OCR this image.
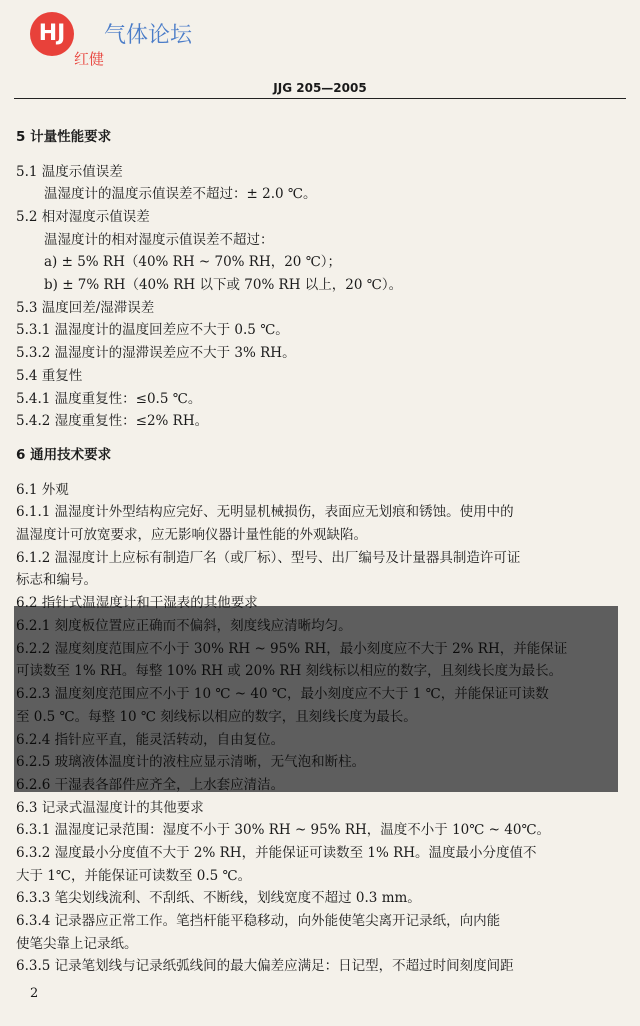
HJ
红健
气体论坛
JJG 205—2005
5 计量性能要求
5.1 温度示值误差
温湿度计的温度示值误差不超过：± 2.0 ℃。
5.2 相对湿度示值误差
温湿度计的相对湿度示值误差不超过：
a) ± 5% RH（40% RH ~ 70% RH，20 ℃）；
b) ± 7% RH（40% RH 以下或 70% RH 以上，20 ℃）。
5.3 温度回差/湿滞误差
5.3.1 温湿度计的温度回差应不大于 0.5 ℃。
5.3.2 温湿度计的湿滞误差应不大于 3% RH。
5.4 重复性
5.4.1 温度重复性：≤0.5 ℃。
5.4.2 湿度重复性：≤2% RH。
6 通用技术要求
6.1 外观
6.1.1 温湿度计外型结构应完好、无明显机械损伤，表面应无划痕和锈蚀。使用中的
温湿度计可放宽要求，应无影响仪器计量性能的外观缺陷。
6.1.2 温湿度计上应标有制造厂名（或厂标）、型号、出厂编号及计量器具制造许可证
标志和编号。
6.2 指针式温湿度计和干湿表的其他要求
6.2.1 刻度板位置应正确而不偏斜，刻度线应清晰均匀。
6.2.2 湿度刻度范围应不小于 30% RH ~ 95% RH，最小刻度应不大于 2% RH，并能保证
可读数至 1% RH。每整 10% RH 或 20% RH 刻线标以相应的数字，且刻线长度为最长。
6.2.3 温度刻度范围应不小于 10 ℃ ~ 40 ℃，最小刻度应不大于 1 ℃，并能保证可读数
至 0.5 ℃。每整 10 ℃ 刻线标以相应的数字，且刻线长度为最长。
6.2.4 指针应平直，能灵活转动，自由复位。
6.2.5 玻璃液体温度计的液柱应显示清晰，无气泡和断柱。
6.2.6 干湿表各部件应齐全，上水套应清洁。
6.3 记录式温湿度计的其他要求
6.3.1 温湿度记录范围：湿度不小于 30% RH ~ 95% RH，温度不小于 10℃ ~ 40℃。
6.3.2 湿度最小分度值不大于 2% RH，并能保证可读数至 1% RH。温度最小分度值不
大于 1℃，并能保证可读数至 0.5 ℃。
6.3.3 笔尖划线流利、不刮纸、不断线，划线宽度不超过 0.3 mm。
6.3.4 记录器应正常工作。笔挡杆能平稳移动，向外能使笔尖离开记录纸，向内能
使笔尖靠上记录纸。
6.3.5 记录笔划线与记录纸弧线间的最大偏差应满足：日记型，不超过时间刻度间距
2
